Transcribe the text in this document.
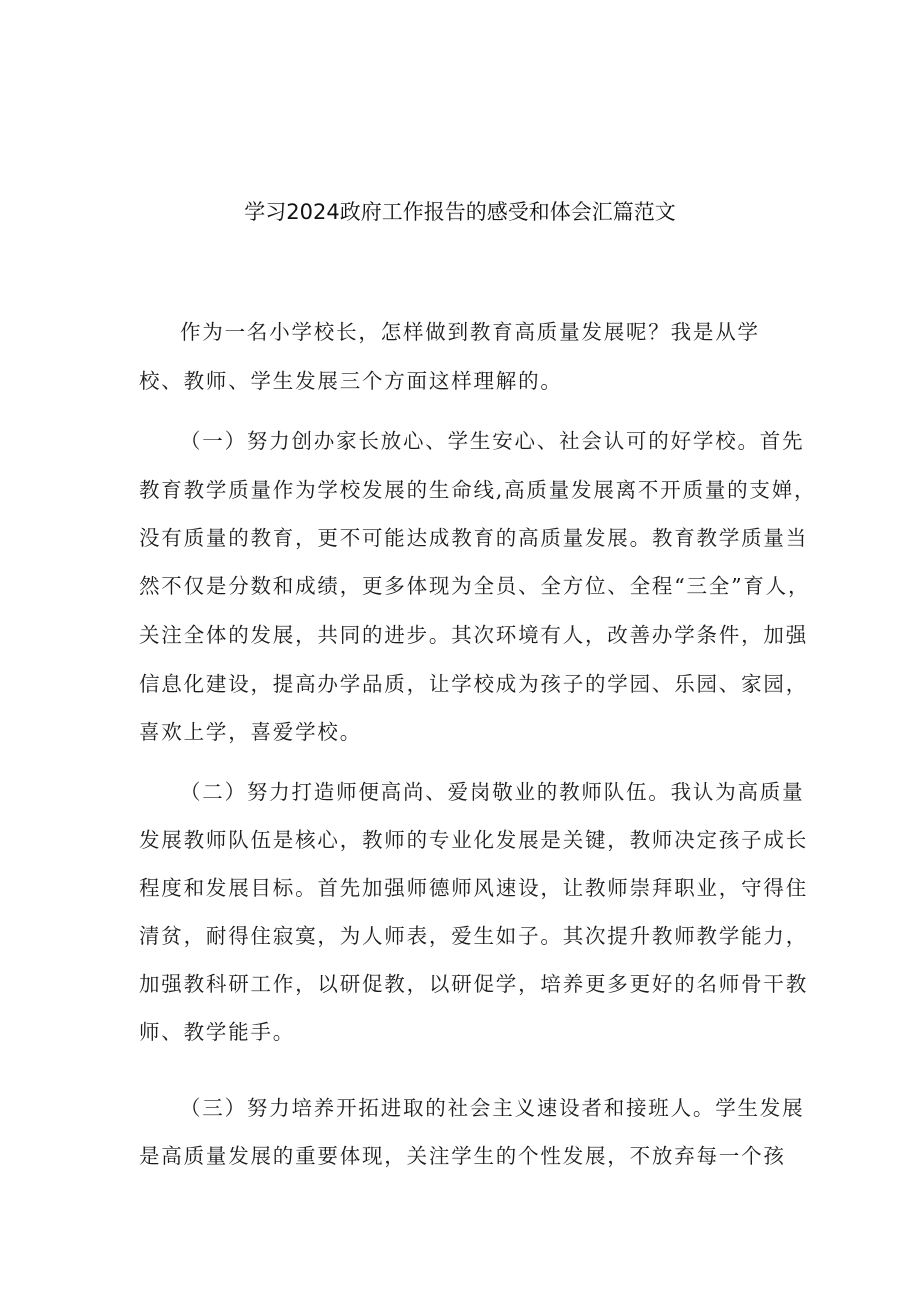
学习2024政府工作报告的感受和体会汇篇范文
作为一名小学校长，怎样做到教育高质量发展呢？我是从学
校、教师、学生发展三个方面这样理解的。
（一）努力创办家长放心、学生安心、社会认可的好学校。首先
教育教学质量作为学校发展的生命线,高质量发展离不开质量的支婵，
没有质量的教育，更不可能达成教育的高质量发展。教育教学质量当
然不仅是分数和成绩，更多体现为全员、全方位、全程“三全”育人，
关注全体的发展，共同的进步。其次环境有人，改善办学条件，加强
信息化建设，提高办学品质，让学校成为孩子的学园、乐园、家园，
喜欢上学，喜爱学校。
（二）努力打造师便高尚、爱岗敬业的教师队伍。我认为高质量
发展教师队伍是核心，教师的专业化发展是关键，教师决定孩子成长
程度和发展目标。首先加强师德师风速设，让教师崇拜职业，守得住
清贫，耐得住寂寞，为人师表，爱生如子。其次提升教师教学能力，
加强教科研工作，以研促教，以研促学，培养更多更好的名师骨干教
师、教学能手。
（三）努力培养开拓进取的社会主义速设者和接班人。学生发展
是高质量发展的重要体现，关注学生的个性发展，不放弃每一个孩
